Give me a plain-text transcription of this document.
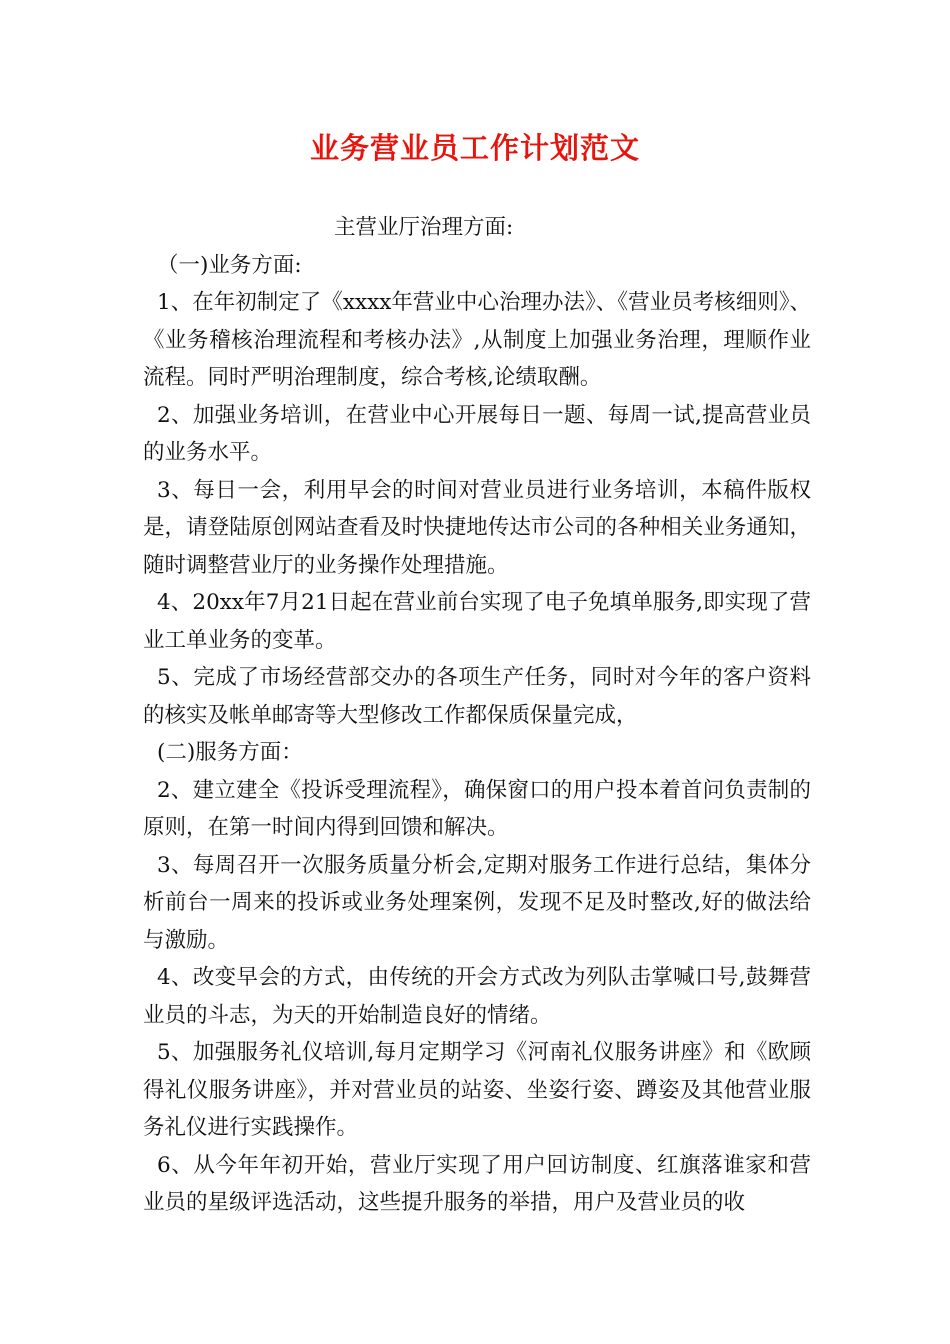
业务营业员工作计划范文

主营业厅治理方面:

（一)业务方面:

1、在年初制定了《xxxx年营业中心治理办法》、《营业员考核细则》、《业务稽核治理流程和考核办法》,从制度上加强业务治理，理顺作业流程。同时严明治理制度，综合考核,论绩取酬。

2、加强业务培训，在营业中心开展每日一题、每周一试,提高营业员的业务水平。

3、每日一会，利用早会的时间对营业员进行业务培训，本稿件版权是，请登陆原创网站查看及时快捷地传达市公司的各种相关业务通知，随时调整营业厅的业务操作处理措施。

4、20xx年7月21日起在营业前台实现了电子免填单服务,即实现了营业工单业务的变革。

5、完成了市场经营部交办的各项生产任务，同时对今年的客户资料的核实及帐单邮寄等大型修改工作都保质保量完成，

(二)服务方面：

2、建立建全《投诉受理流程》，确保窗口的用户投本着首问负责制的原则，在第一时间内得到回馈和解决。

3、每周召开一次服务质量分析会,定期对服务工作进行总结，集体分析前台一周来的投诉或业务处理案例，发现不足及时整改,好的做法给与激励。

4、改变早会的方式，由传统的开会方式改为列队击掌喊口号,鼓舞营业员的斗志，为天的开始制造良好的情绪。

5、加强服务礼仪培训,每月定期学习《河南礼仪服务讲座》和《欧顾得礼仪服务讲座》，并对营业员的站姿、坐姿行姿、蹲姿及其他营业服务礼仪进行实践操作。

6、从今年年初开始，营业厅实现了用户回访制度、红旗落谁家和营业员的星级评选活动，这些提升服务的举措，用户及营业员的收
